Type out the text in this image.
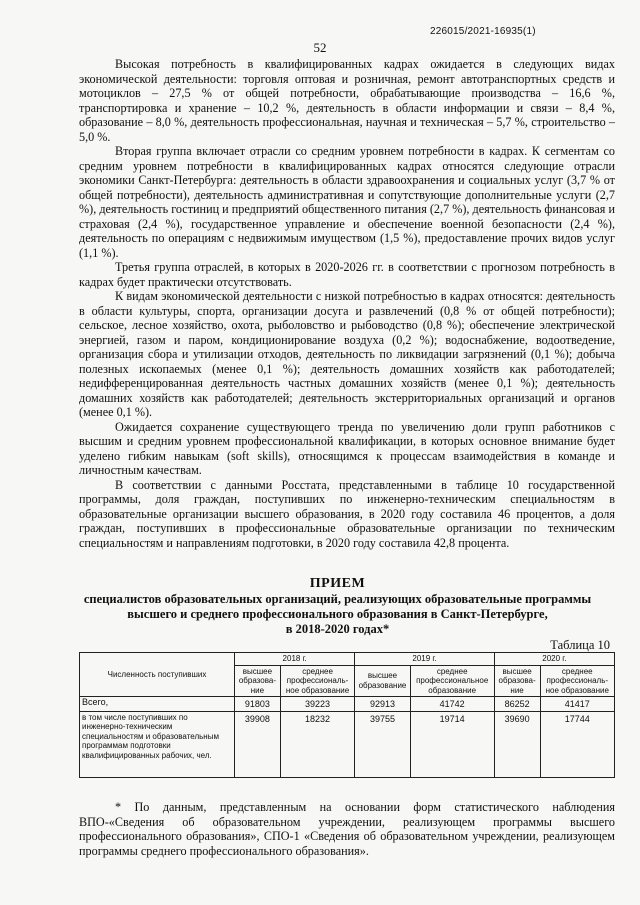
226015/2021-16935(1)
52

Высокая потребность в квалифицированных кадрах ожидается в следующих видах экономической деятельности: торговля оптовая и розничная, ремонт автотранспортных средств и мотоциклов – 27,5 % от общей потребности, обрабатывающие производства – 16,6 %, транспортировка и хранение – 10,2 %, деятельность в области информации и связи – 8,4 %, образование – 8,0 %, деятельность профессиональная, научная и техническая – 5,7 %, строительство – 5,0 %.

Вторая группа включает отрасли со средним уровнем потребности в кадрах. К сегментам со средним уровнем потребности в квалифицированных кадрах относятся следующие отрасли экономики Санкт-Петербурга: деятельность в области здравоохранения и социальных услуг (3,7 % от общей потребности), деятельность административная и сопутствующие дополнительные услуги (2,7 %), деятельность гостиниц и предприятий общественного питания (2,7 %), деятельность финансовая и страховая (2,4 %), государственное управление и обеспечение военной безопасности (2,4 %), деятельность по операциям с недвижимым имуществом (1,5 %), предоставление прочих видов услуг (1,1 %).

Третья группа отраслей, в которых в 2020-2026 гг. в соответствии с прогнозом потребность в кадрах будет практически отсутствовать.

К видам экономической деятельности с низкой потребностью в кадрах относятся: деятельность в области культуры, спорта, организации досуга и развлечений (0,8 % от общей потребности); сельское, лесное хозяйство, охота, рыболовство и рыбоводство (0,8 %); обеспечение электрической энергией, газом и паром, кондиционирование воздуха (0,2 %); водоснабжение, водоотведение, организация сбора и утилизации отходов, деятельность по ликвидации загрязнений (0,1 %); добыча полезных ископаемых (менее 0,1 %); деятельность домашних хозяйств как работодателей; недифференцированная деятельность частных домашних хозяйств (менее 0,1 %); деятельность домашних хозяйств как работодателей; деятельность экстерриториальных организаций и органов (менее 0,1 %).

Ожидается сохранение существующего тренда по увеличению доли групп работников с высшим и средним уровнем профессиональной квалификации, в которых основное внимание будет уделено гибким навыкам (soft skills), относящимся к процессам взаимодействия в команде и личностным качествам.

В соответствии с данными Росстата, представленными в таблице 10 государственной программы, доля граждан, поступивших по инженерно-техническим специальностям в образовательные организации высшего образования, в 2020 году составила 46 процентов, а доля граждан, поступивших в профессиональные образовательные организации по техническим специальностям и направлениям подготовки, в 2020 году составила 42,8 процента.

ПРИЕМ
специалистов образовательных организаций, реализующих образовательные программы
высшего и среднего профессионального образования в Санкт-Петербурге,
в 2018-2020 годах*
Таблица 10
Численность поступивших	2018 г.		2019 г.		2020 г.	
	высшее образова-ние	среднее профессиональ-ное образование	высшее образование	среднее профессиональное образование	высшее образова-ние	среднее профессиональ-ное образование
Всего,	91803	39223	92913	41742	86252	41417
в том числе поступивших по инженерно-техническим специальностям и образовательным программам подготовки квалифицированных рабочих, чел.	39908	18232	39755	19714	39690	17744

* По данным, представленным на основании форм статистического наблюдения ВПО-«Сведения об образовательном учреждении, реализующем программы высшего профессионального образования», СПО-1 «Сведения об образовательном учреждении, реализующем программы среднего профессионального образования».
